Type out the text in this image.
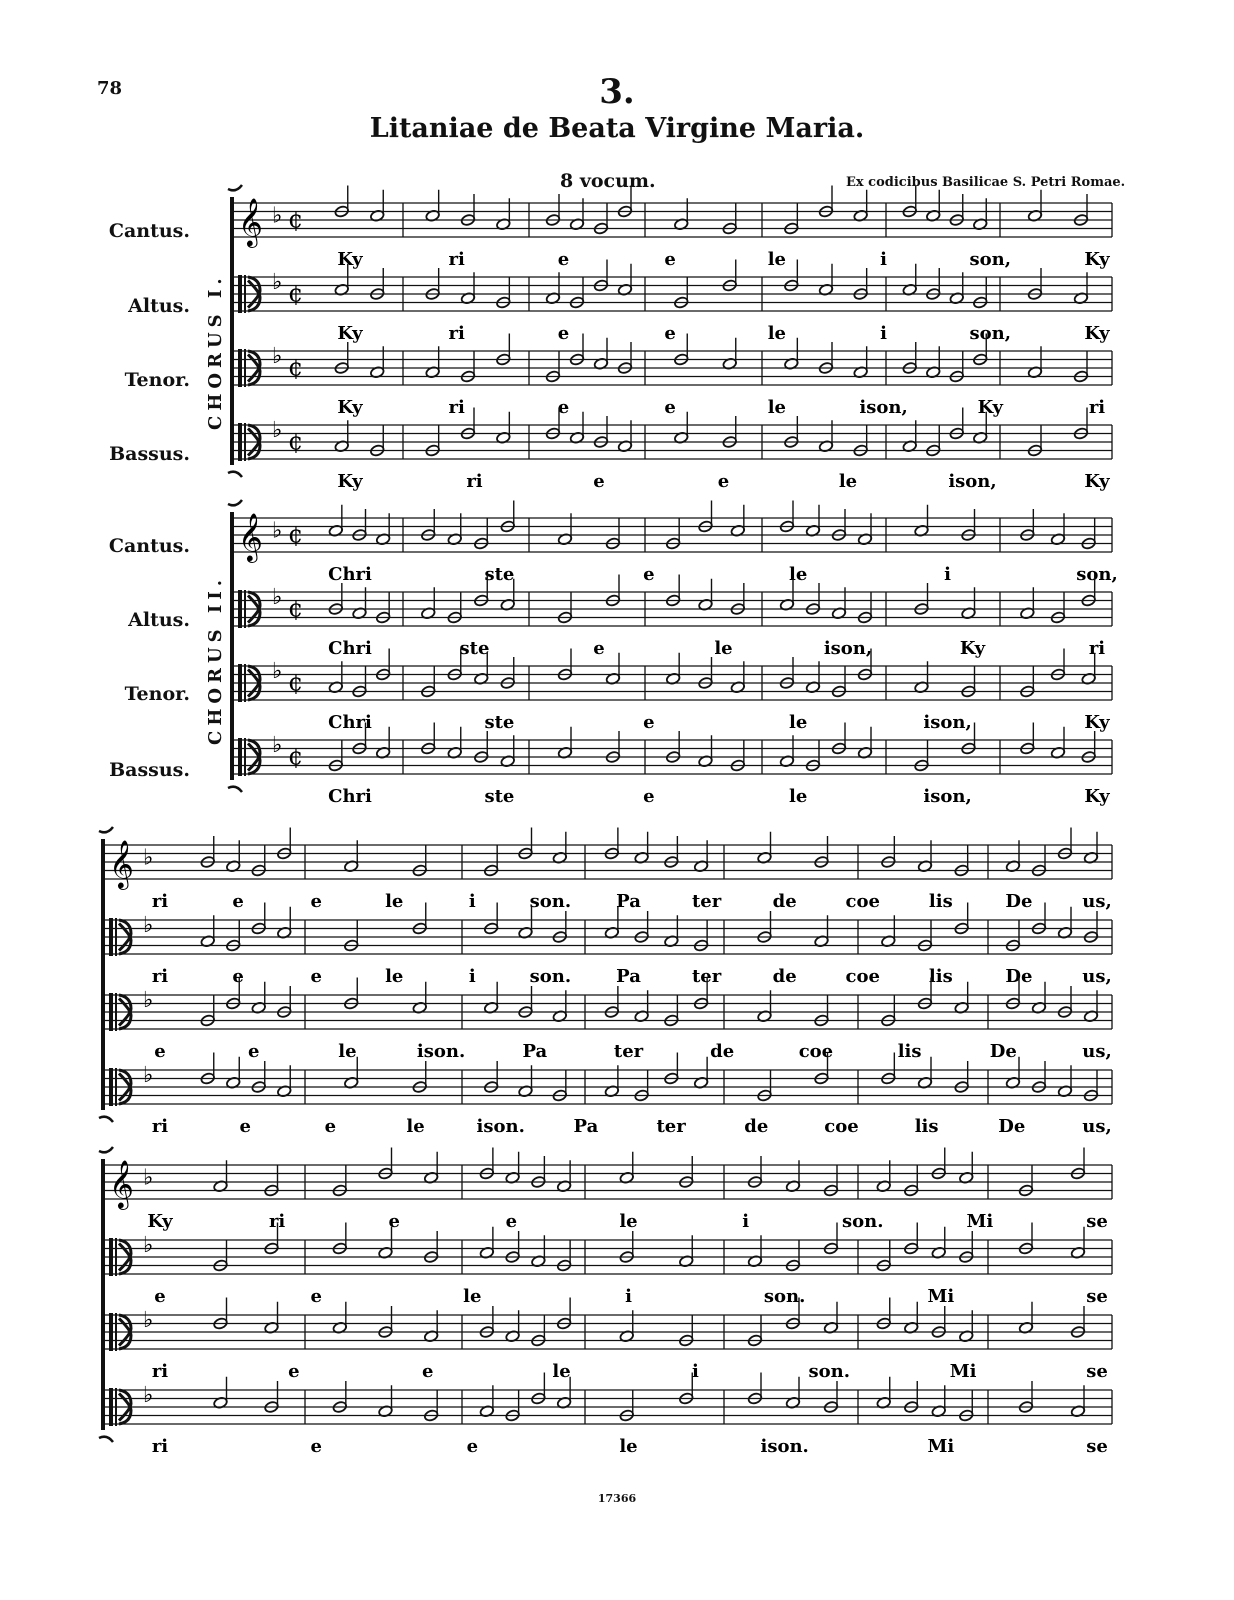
78	3.
Litaniae de Beata Virgine Maria.
8 vocum.	Ex codicibus Basilicae S. Petri Romae.
Cantus.
Altus.
Tenor.
Bassus.
CHORUS I.
Cantus.
Altus.
Tenor.
Bassus.
CHORUS II.
𝄞 ♭ ¢
Ky	ri	e	e	le	i	son,	Ky
♭ ¢
Ky	ri	e	e	le	i	son,	Ky
♭ ¢
Ky	ri	e	e	le	ison,	Ky	ri
♭ ¢
Ky	ri	e	e	le	ison,	Ky
𝄞 ♭ ¢
Chri	ste	e	le	i	son,
♭ ¢
Chri	ste	e	le	ison,	Ky	ri
♭ ¢
Chri	ste	e	le	ison,	Ky
♭ ¢
Chri	ste	e	le	ison,	Ky
𝄞 ♭
ri	e	e	le	i	son. Pa	ter	de	coe	lis	De	us,
♭
ri	e	e	le	i	son. Pa	ter	de	coe	lis	De	us,
♭
e	e	le	ison.	Pa	ter	de	coe	lis	De	us,
♭
ri	e	e	le	ison.	Pa	ter	de	coe	lis	De	us,
𝄞 ♭
Ky	ri	e	e	le	i	son.	Mi	se
♭
e	e	le	i	son.	Mi	se
♭
ri	e	e	le	i	son.	Mi	se
♭
ri	e	e	le	ison.	Mi	se
17366
